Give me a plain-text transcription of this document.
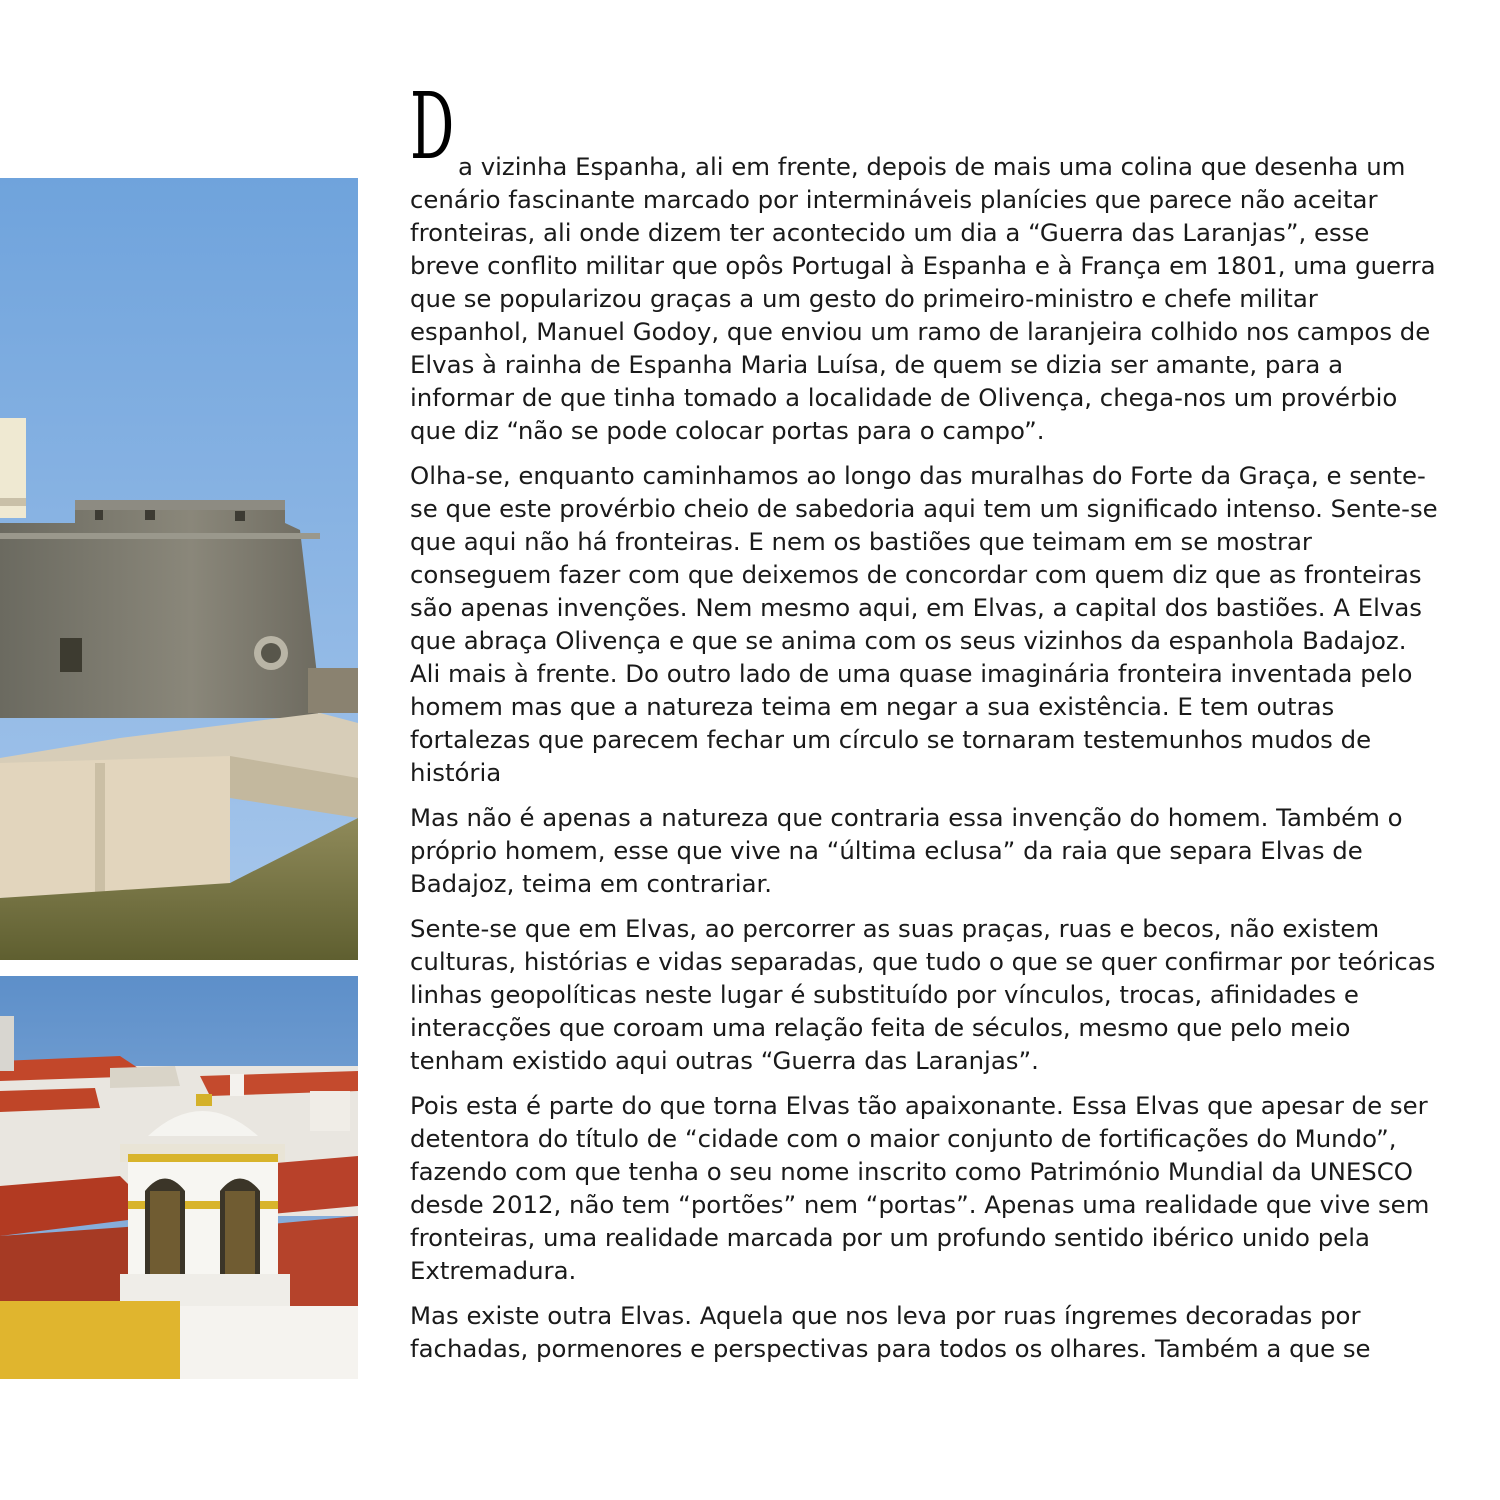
Da vizinha Espanha, ali em frente, depois de mais uma colina que desenha um cenário fascinante marcado por intermináveis planícies que parece não aceitar fronteiras, ali onde dizem ter acontecido um dia a “Guerra das Laranjas”, esse breve conflito militar que opôs Portugal à Espanha e à França em 1801, uma guerra que se popularizou graças a um gesto do primeiro-ministro e chefe militar espanhol, Manuel Godoy, que enviou um ramo de laranjeira colhido nos campos de Elvas à rainha de Espanha Maria Luísa, de quem se dizia ser amante, para a informar de que tinha tomado a localidade de Olivença, chega-nos um provérbio que diz “não se pode colocar portas para o campo”.

Olha-se, enquanto caminhamos ao longo das muralhas do Forte da Graça, e sente-se que este provérbio cheio de sabedoria aqui tem um significado intenso. Sente-se que aqui não há fronteiras. E nem os bastiões que teimam em se mostrar conseguem fazer com que deixemos de concordar com quem diz que as fronteiras são apenas invenções. Nem mesmo aqui, em Elvas, a capital dos bastiões. A Elvas que abraça Olivença e que se anima com os seus vizinhos da espanhola Badajoz. Ali mais à frente. Do outro lado de uma quase imaginária fronteira inventada pelo homem mas que a natureza teima em negar a sua existência. E tem outras fortalezas que parecem fechar um círculo se tornaram testemunhos mudos de história

Mas não é apenas a natureza que contraria essa invenção do homem. Também o próprio homem, esse que vive na “última eclusa” da raia que separa Elvas de Badajoz, teima em contrariar.

Sente-se que em Elvas, ao percorrer as suas praças, ruas e becos, não existem culturas, histórias e vidas separadas, que tudo o que se quer confirmar por teóricas linhas geopolíticas neste lugar é substituído por vínculos, trocas, afinidades e interacções que coroam uma relação feita de séculos, mesmo que pelo meio tenham existido aqui outras “Guerra das Laranjas”.

Pois esta é parte do que torna Elvas tão apaixonante. Essa Elvas que apesar de ser detentora do título de “cidade com o maior conjunto de fortificações do Mundo”, fazendo com que tenha o seu nome inscrito como Património Mundial da UNESCO desde 2012, não tem “portões” nem “portas”. Apenas uma realidade que vive sem fronteiras, uma realidade marcada por um profundo sentido ibérico unido pela Extremadura.

Mas existe outra Elvas. Aquela que nos leva por ruas íngremes decoradas por fachadas, pormenores e perspectivas para todos os olhares. Também a que se
